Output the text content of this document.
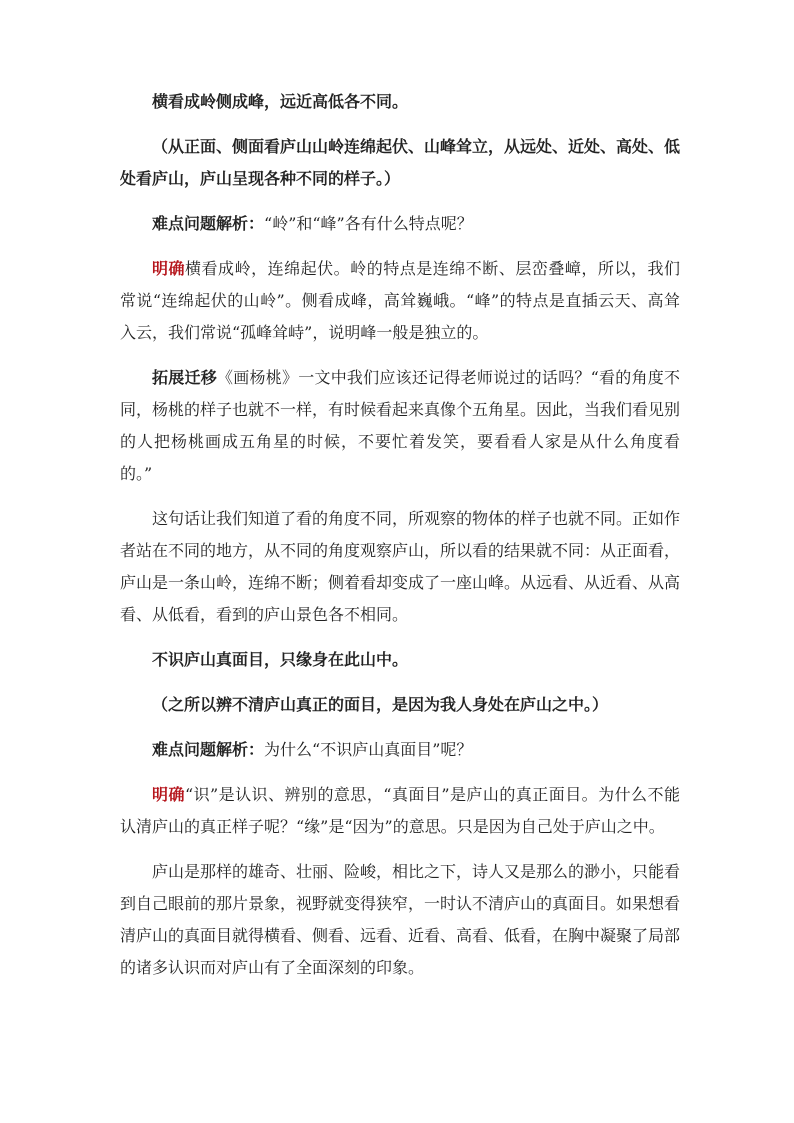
横看成岭侧成峰，远近高低各不同。

（从正面、侧面看庐山山岭连绵起伏、山峰耸立，从远处、近处、高处、低处看庐山，庐山呈现各种不同的样子。）

难点问题解析：“岭”和“峰”各有什么特点呢？

明确横看成岭，连绵起伏。岭的特点是连绵不断、层峦叠嶂，所以，我们常说“连绵起伏的山岭”。侧看成峰，高耸巍峨。“峰”的特点是直插云天、高耸入云，我们常说“孤峰耸峙”，说明峰一般是独立的。

拓展迁移《画杨桃》一文中我们应该还记得老师说过的话吗？“看的角度不同，杨桃的样子也就不一样，有时候看起来真像个五角星。因此，当我们看见别的人把杨桃画成五角星的时候，不要忙着发笑，要看看人家是从什么角度看的。”

这句话让我们知道了看的角度不同，所观察的物体的样子也就不同。正如作者站在不同的地方，从不同的角度观察庐山，所以看的结果就不同：从正面看，庐山是一条山岭，连绵不断；侧着看却变成了一座山峰。从远看、从近看、从高看、从低看，看到的庐山景色各不相同。

不识庐山真面目，只缘身在此山中。

（之所以辨不清庐山真正的面目，是因为我人身处在庐山之中。）

难点问题解析：为什么“不识庐山真面目”呢？

明确“识”是认识、辨别的意思，“真面目”是庐山的真正面目。为什么不能认清庐山的真正样子呢？“缘”是“因为”的意思。只是因为自己处于庐山之中。

庐山是那样的雄奇、壮丽、险峻，相比之下，诗人又是那么的渺小，只能看到自己眼前的那片景象，视野就变得狭窄，一时认不清庐山的真面目。如果想看清庐山的真面目就得横看、侧看、远看、近看、高看、低看，在胸中凝聚了局部的诸多认识而对庐山有了全面深刻的印象。
